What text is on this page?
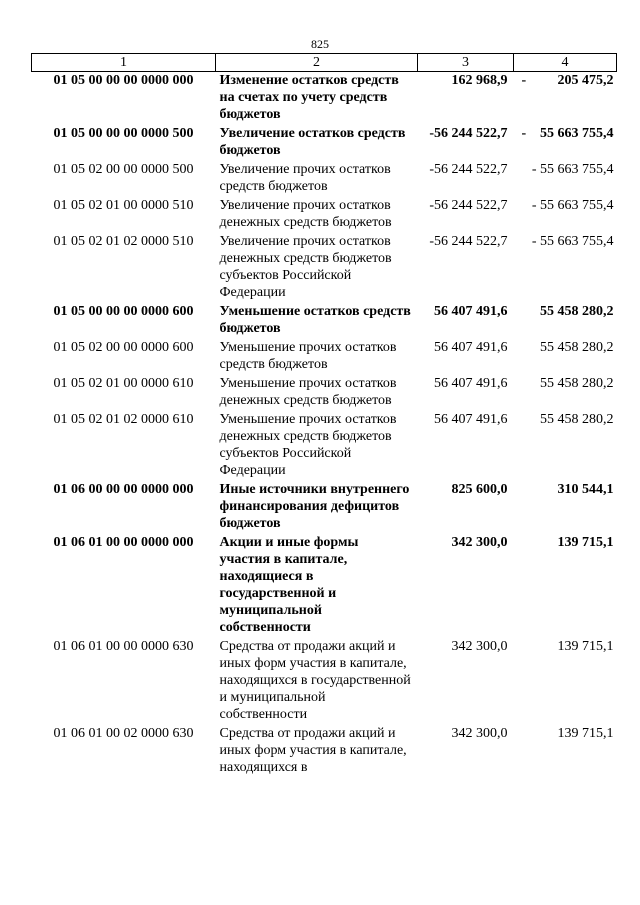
825
1	2	3	4
01 05 00 00 00 0000 000	Изменение остатков средств на счетах по учету средств бюджетов	162 968,9	- 205 475,2
01 05 00 00 00 0000 500	Увеличение остатков средств бюджетов	-56 244 522,7	- 55 663 755,4
01 05 02 00 00 0000 500	Увеличение прочих остатков средств бюджетов	-56 244 522,7	- 55 663 755,4
01 05 02 01 00 0000 510	Увеличение прочих остатков денежных средств бюджетов	-56 244 522,7	- 55 663 755,4
01 05 02 01 02 0000 510	Увеличение прочих остатков денежных средств бюджетов субъектов Российской Федерации	-56 244 522,7	- 55 663 755,4
01 05 00 00 00 0000 600	Уменьшение остатков средств бюджетов	56 407 491,6	55 458 280,2
01 05 02 00 00 0000 600	Уменьшение прочих остатков средств бюджетов	56 407 491,6	55 458 280,2
01 05 02 01 00 0000 610	Уменьшение прочих остатков денежных средств бюджетов	56 407 491,6	55 458 280,2
01 05 02 01 02 0000 610	Уменьшение прочих остатков денежных средств бюджетов субъектов Российской Федерации	56 407 491,6	55 458 280,2
01 06 00 00 00 0000 000	Иные источники внутреннего финансирования дефицитов бюджетов	825 600,0	310 544,1
01 06 01 00 00 0000 000	Акции и иные формы участия в капитале, находящиеся в государственной и муниципальной собственности	342 300,0	139 715,1
01 06 01 00 00 0000 630	Средства от продажи акций и иных форм участия в капитале, находящихся в государственной и муниципальной собственности	342 300,0	139 715,1
01 06 01 00 02 0000 630	Средства от продажи акций и иных форм участия в капитале, находящихся в	342 300,0	139 715,1
